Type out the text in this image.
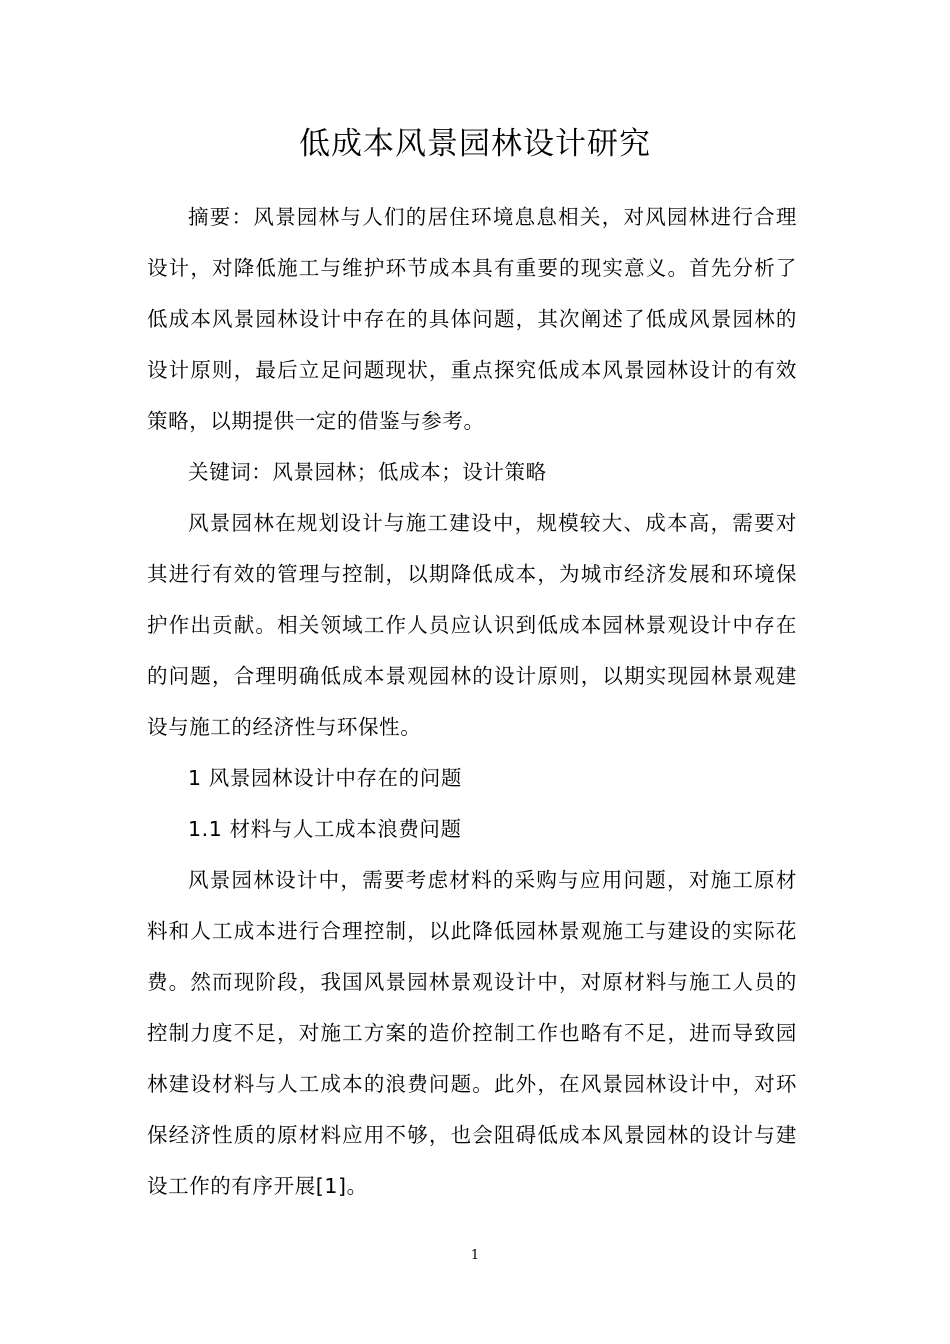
低成本风景园林设计研究

摘要：风景园林与人们的居住环境息息相关，对风园林进行合理设计，对降低施工与维护环节成本具有重要的现实意义。首先分析了低成本风景园林设计中存在的具体问题，其次阐述了低成风景园林的设计原则，最后立足问题现状，重点探究低成本风景园林设计的有效策略，以期提供一定的借鉴与参考。

关键词：风景园林；低成本；设计策略

风景园林在规划设计与施工建设中，规模较大、成本高，需要对其进行有效的管理与控制，以期降低成本，为城市经济发展和环境保护作出贡献。相关领域工作人员应认识到低成本园林景观设计中存在的问题，合理明确低成本景观园林的设计原则，以期实现园林景观建设与施工的经济性与环保性。

1 风景园林设计中存在的问题

1.1 材料与人工成本浪费问题

风景园林设计中，需要考虑材料的采购与应用问题，对施工原材料和人工成本进行合理控制，以此降低园林景观施工与建设的实际花费。然而现阶段，我国风景园林景观设计中，对原材料与施工人员的控制力度不足，对施工方案的造价控制工作也略有不足，进而导致园林建设材料与人工成本的浪费问题。此外，在风景园林设计中，对环保经济性质的原材料应用不够，也会阻碍低成本风景园林的设计与建设工作的有序开展[1]。

1
